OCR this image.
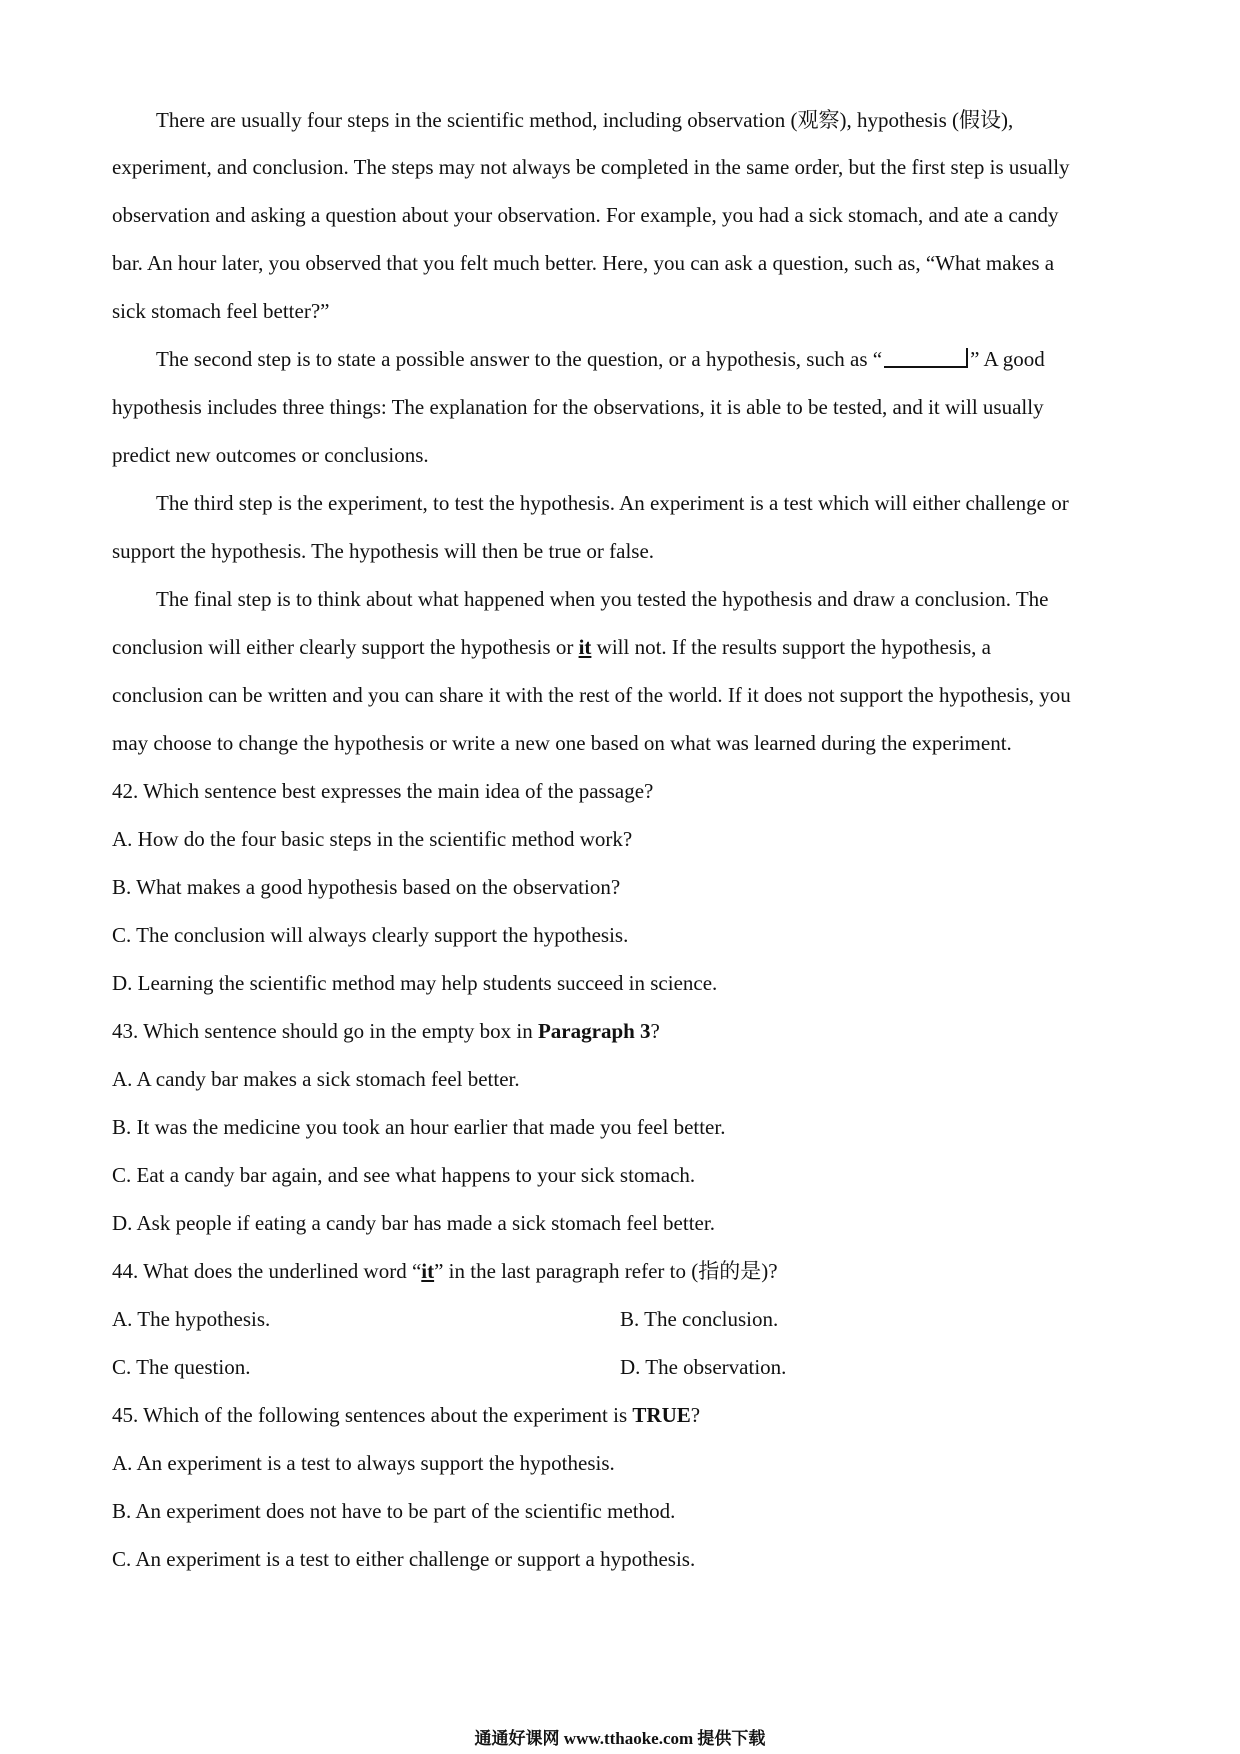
There are usually four steps in the scientific method, including observation (观察), hypothesis (假设),
experiment, and conclusion. The steps may not always be completed in the same order, but the first step is usually
observation and asking a question about your observation. For example, you had a sick stomach, and ate a candy
bar. An hour later, you observed that you felt much better. Here, you can ask a question, such as, “What makes a
sick stomach feel better?”
The second step is to state a possible answer to the question, or a hypothesis, such as “	” A good
hypothesis includes three things: The explanation for the observations, it is able to be tested, and it will usually
predict new outcomes or conclusions.
The third step is the experiment, to test the hypothesis. An experiment is a test which will either challenge or
support the hypothesis. The hypothesis will then be true or false.
The final step is to think about what happened when you tested the hypothesis and draw a conclusion. The
conclusion will either clearly support the hypothesis or it will not. If the results support the hypothesis, a
conclusion can be written and you can share it with the rest of the world. If it does not support the hypothesis, you
may choose to change the hypothesis or write a new one based on what was learned during the experiment.
42. Which sentence best expresses the main idea of the passage?
A. How do the four basic steps in the scientific method work?
B. What makes a good hypothesis based on the observation?
C. The conclusion will always clearly support the hypothesis.
D. Learning the scientific method may help students succeed in science.
43. Which sentence should go in the empty box in Paragraph 3?
A. A candy bar makes a sick stomach feel better.
B. It was the medicine you took an hour earlier that made you feel better.
C. Eat a candy bar again, and see what happens to your sick stomach.
D. Ask people if eating a candy bar has made a sick stomach feel better.
44. What does the underlined word “it” in the last paragraph refer to (指的是)?
A. The hypothesis.	B. The conclusion.
C. The question.	D. The observation.
45. Which of the following sentences about the experiment is TRUE?
A. An experiment is a test to always support the hypothesis.
B. An experiment does not have to be part of the scientific method.
C. An experiment is a test to either challenge or support a hypothesis.
通通好课网 www.tthaoke.com 提供下载
